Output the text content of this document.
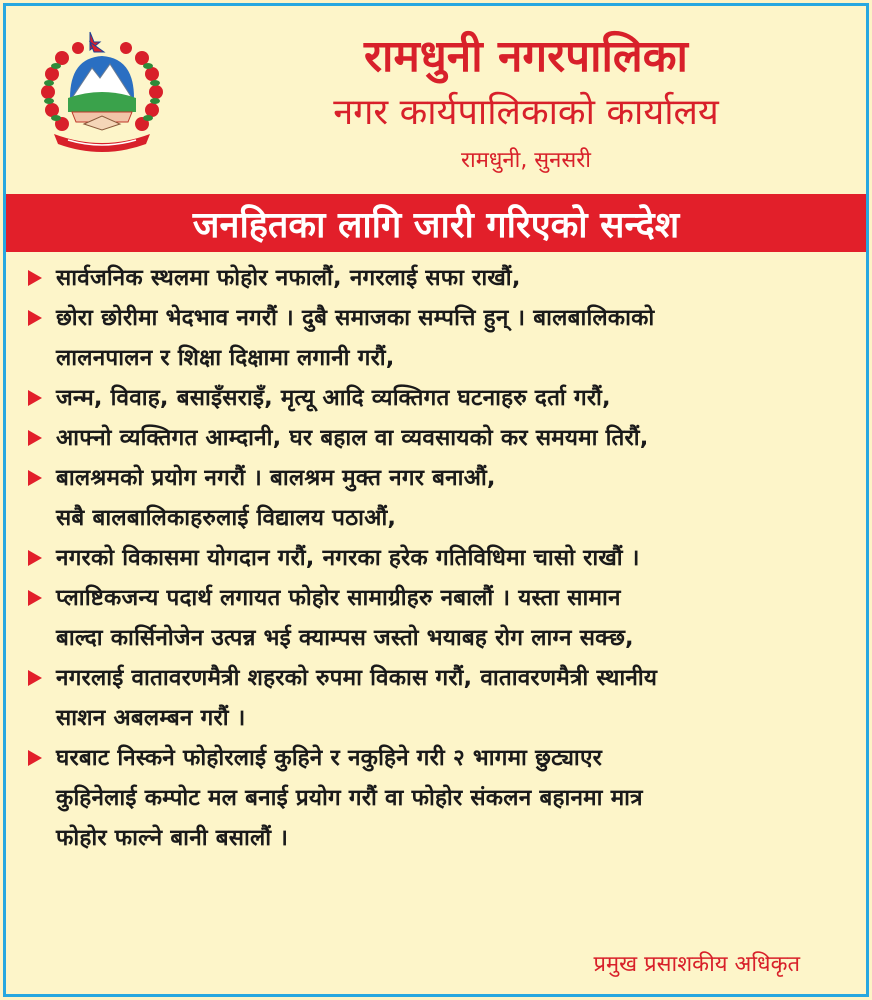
रामधुनी नगरपालिका
नगर कार्यपालिकाको कार्यालय
रामधुनी, सुनसरी
जनहितका लागि जारी गरिएको सन्देश
सार्वजनिक स्थलमा फोहोर नफालौं, नगरलाई सफा राखौं,
छोरा छोरीमा भेदभाव नगरौं । दुबै समाजका सम्पत्ति हुन् । बालबालिकाको
लालनपालन र शिक्षा दिक्षामा लगानी गरौं,
जन्म, विवाह, बसाइँसराइँ, मृत्यू आदि व्यक्तिगत घटनाहरु दर्ता गरौं,
आफ्नो व्यक्तिगत आम्दानी, घर बहाल वा व्यवसायको कर समयमा तिरौं,
बालश्रमको प्रयोग नगरौं । बालश्रम मुक्त नगर बनाऔं,
सबै बालबालिकाहरुलाई विद्यालय पठाऔं,
नगरको विकासमा योगदान गरौं, नगरका हरेक गतिविधिमा चासो राखौं ।
प्लाष्टिकजन्य पदार्थ लगायत फोहोर सामाग्रीहरु नबालौं । यस्ता सामान
बाल्दा कार्सिनोजेन उत्पन्न भई क्याम्पस जस्तो भयाबह रोग लाग्न सक्छ,
नगरलाई वातावरणमैत्री शहरको रुपमा विकास गरौं, वातावरणमैत्री स्थानीय
साशन अबलम्बन गरौं ।
घरबाट निस्कने फोहोरलाई कुहिने र नकुहिने गरी २ भागमा छुट्याएर
कुहिनेलाई कम्पोट मल बनाई प्रयोग गरौं वा फोहोर संकलन बहानमा मात्र
फोहोर फाल्ने बानी बसालौं ।
प्रमुख प्रसाशकीय अधिकृत
